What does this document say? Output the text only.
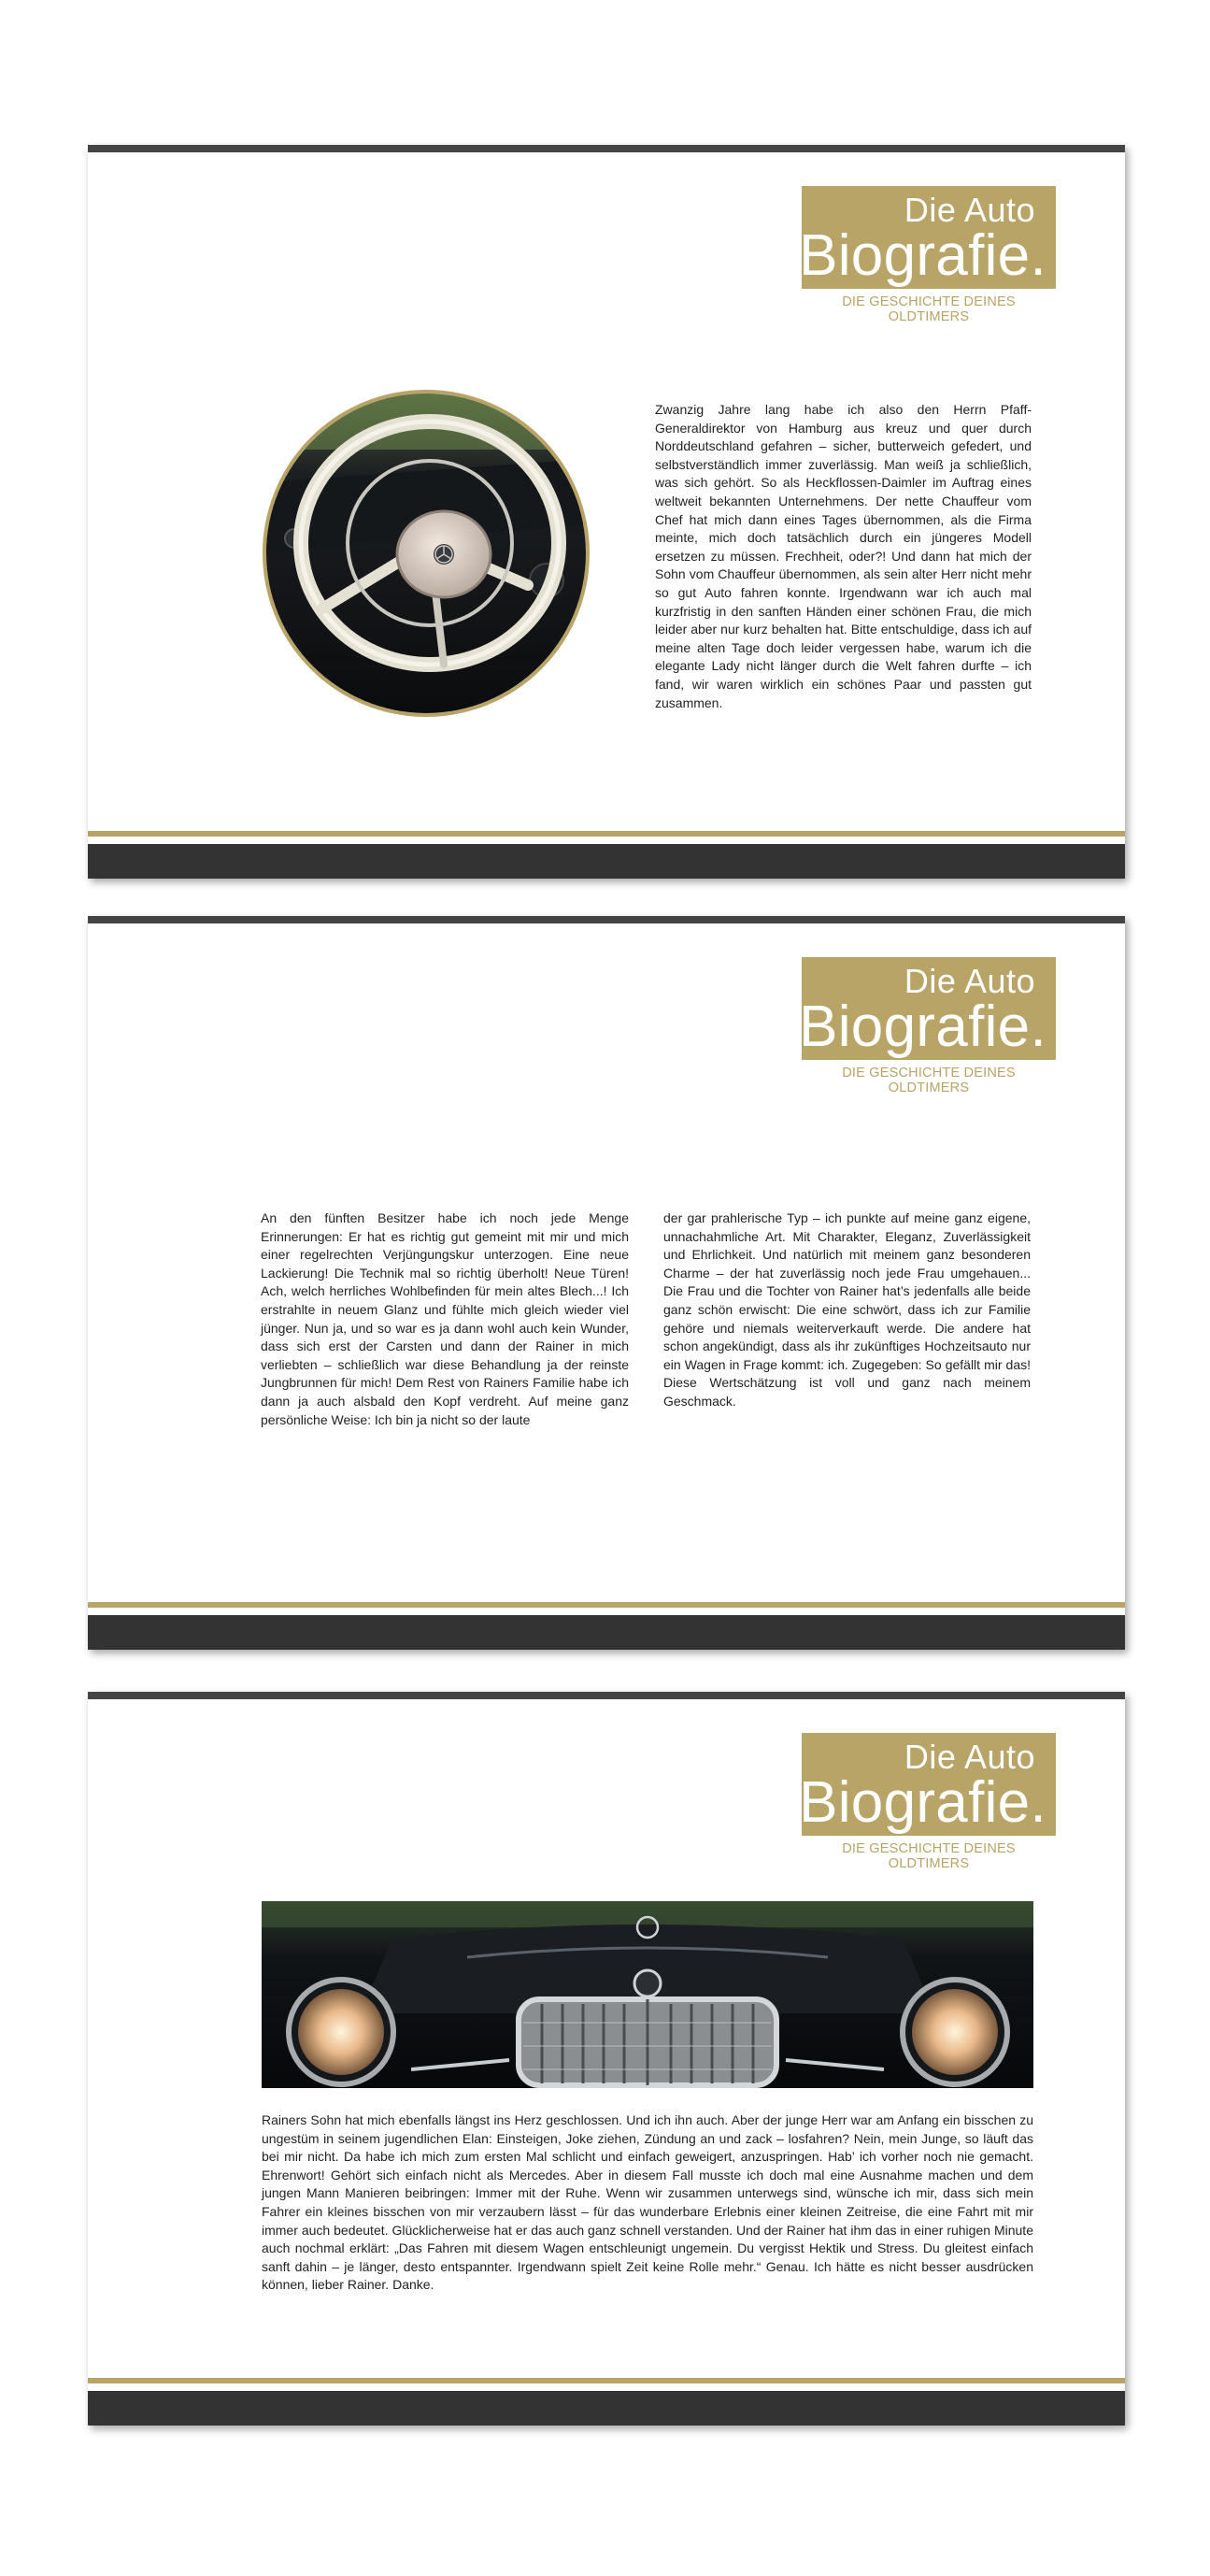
Die Auto
Biografie.
DIE GESCHICHTE DEINES OLDTIMERS

Zwanzig Jahre lang habe ich also den Herrn Pfaff-Generaldirektor von Hamburg aus kreuz und quer durch Norddeutschland gefahren – sicher, butterweich gefedert, und selbstverständlich immer zuverlässig. Man weiß ja schließlich, was sich gehört. So als Heckflossen-Daimler im Auftrag eines weltweit bekannten Unternehmens. Der nette Chauffeur vom Chef hat mich dann eines Tages übernommen, als die Firma meinte, mich doch tatsächlich durch ein jüngeres Modell ersetzen zu müssen. Frechheit, oder?! Und dann hat mich der Sohn vom Chauffeur übernommen, als sein alter Herr nicht mehr so gut Auto fahren konnte. Irgendwann war ich auch mal kurzfristig in den sanften Händen einer schönen Frau, die mich leider aber nur kurz behalten hat. Bitte entschuldige, dass ich auf meine alten Tage doch leider vergessen habe, warum ich die elegante Lady nicht länger durch die Welt fahren durfte – ich fand, wir waren wirklich ein schönes Paar und passten gut zusammen.

Die Auto
Biografie.
DIE GESCHICHTE DEINES OLDTIMERS

An den fünften Besitzer habe ich noch jede Menge Erinnerungen: Er hat es richtig gut gemeint mit mir und mich einer regelrechten Verjüngungskur unterzogen. Eine neue Lackierung! Die Technik mal so richtig überholt! Neue Türen! Ach, welch herrliches Wohlbefinden für mein altes Blech...! Ich erstrahlte in neuem Glanz und fühlte mich gleich wieder viel jünger. Nun ja, und so war es ja dann wohl auch kein Wunder, dass sich erst der Carsten und dann der Rainer in mich verliebten – schließlich war diese Behandlung ja der reinste Jungbrunnen für mich! Dem Rest von Rainers Familie habe ich dann ja auch alsbald den Kopf verdreht. Auf meine ganz persönliche Weise: Ich bin ja nicht so der laute

der gar prahlerische Typ – ich punkte auf meine ganz eigene, unnachahmliche Art. Mit Charakter, Eleganz, Zuverlässigkeit und Ehrlichkeit. Und natürlich mit meinem ganz besonderen Charme – der hat zuverlässig noch jede Frau umgehauen... Die Frau und die Tochter von Rainer hat’s jedenfalls alle beide ganz schön erwischt: Die eine schwört, dass ich zur Familie gehöre und niemals weiterverkauft werde. Die andere hat schon angekündigt, dass als ihr zukünftiges Hochzeitsauto nur ein Wagen in Frage kommt: ich. Zugegeben: So gefällt mir das! Diese Wertschätzung ist voll und ganz nach meinem Geschmack.

Die Auto
Biografie.
DIE GESCHICHTE DEINES OLDTIMERS

Rainers Sohn hat mich ebenfalls längst ins Herz geschlossen. Und ich ihn auch. Aber der junge Herr war am Anfang ein bisschen zu ungestüm in seinem jugendlichen Elan: Einsteigen, Joke ziehen, Zündung an und zack – losfahren? Nein, mein Junge, so läuft das bei mir nicht. Da habe ich mich zum ersten Mal schlicht und einfach geweigert, anzuspringen. Hab’ ich vorher noch nie gemacht. Ehrenwort! Gehört sich einfach nicht als Mercedes. Aber in diesem Fall musste ich doch mal eine Ausnahme machen und dem jungen Mann Manieren beibringen: Immer mit der Ruhe. Wenn wir zusammen unterwegs sind, wünsche ich mir, dass sich mein Fahrer ein kleines bisschen von mir verzaubern lässt – für das wunderbare Erlebnis einer kleinen Zeitreise, die eine Fahrt mit mir immer auch bedeutet. Glücklicherweise hat er das auch ganz schnell verstanden. Und der Rainer hat ihm das in einer ruhigen Minute auch nochmal erklärt: „Das Fahren mit diesem Wagen entschleunigt ungemein. Du vergisst Hektik und Stress. Du gleitest einfach sanft dahin – je länger, desto entspannter. Irgendwann spielt Zeit keine Rolle mehr.“ Genau. Ich hätte es nicht besser ausdrücken können, lieber Rainer. Danke.
